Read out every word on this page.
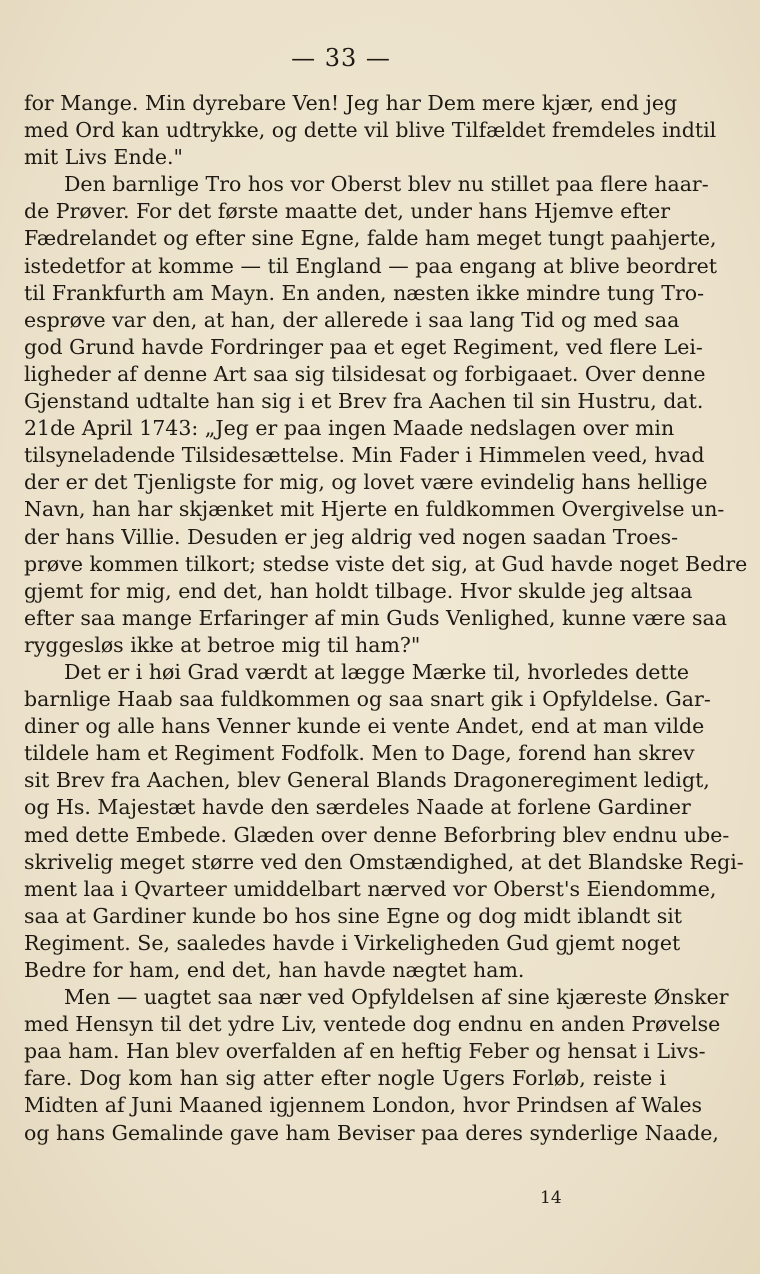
— 33 —
for Mange. Min dyrebare Ven! Jeg har Dem mere kjær, end jeg
med Ord kan udtrykke, og dette vil blive Tilfældet fremdeles indtil
mit Livs Ende."
Den barnlige Tro hos vor Oberst blev nu stillet paa flere haar-
de Prøver. For det første maatte det, under hans Hjemve efter
Fædrelandet og efter sine Egne, falde ham meget tungt paahjerte,
istedetfor at komme — til England — paa engang at blive beordret
til Frankfurth am Mayn. En anden, næsten ikke mindre tung Tro-
esprøve var den, at han, der allerede i saa lang Tid og med saa
god Grund havde Fordringer paa et eget Regiment, ved flere Lei-
ligheder af denne Art saa sig tilsidesat og forbigaaet. Over denne
Gjenstand udtalte han sig i et Brev fra Aachen til sin Hustru, dat.
21de April 1743: „Jeg er paa ingen Maade nedslagen over min
tilsyneladende Tilsidesættelse. Min Fader i Himmelen veed, hvad
der er det Tjenligste for mig, og lovet være evindelig hans hellige
Navn, han har skjænket mit Hjerte en fuldkommen Overgivelse un-
der hans Villie. Desuden er jeg aldrig ved nogen saadan Troes-
prøve kommen tilkort; stedse viste det sig, at Gud havde noget Bedre
gjemt for mig, end det, han holdt tilbage. Hvor skulde jeg altsaa
efter saa mange Erfaringer af min Guds Venlighed, kunne være saa
ryggesløs ikke at betroe mig til ham?"
Det er i høi Grad værdt at lægge Mærke til, hvorledes dette
barnlige Haab saa fuldkommen og saa snart gik i Opfyldelse. Gar-
diner og alle hans Venner kunde ei vente Andet, end at man vilde
tildele ham et Regiment Fodfolk. Men to Dage, forend han skrev
sit Brev fra Aachen, blev General Blands Dragoneregiment ledigt,
og Hs. Majestæt havde den særdeles Naade at forlene Gardiner
med dette Embede. Glæden over denne Beforbring blev endnu ube-
skrivelig meget større ved den Omstændighed, at det Blandske Regi-
ment laa i Qvarteer umiddelbart nærved vor Oberst's Eiendomme,
saa at Gardiner kunde bo hos sine Egne og dog midt iblandt sit
Regiment. Se, saaledes havde i Virkeligheden Gud gjemt noget
Bedre for ham, end det, han havde nægtet ham.
Men — uagtet saa nær ved Opfyldelsen af sine kjæreste Ønsker
med Hensyn til det ydre Liv, ventede dog endnu en anden Prøvelse
paa ham. Han blev overfalden af en heftig Feber og hensat i Livs-
fare. Dog kom han sig atter efter nogle Ugers Forløb, reiste i
Midten af Juni Maaned igjennem London, hvor Prindsen af Wales
og hans Gemalinde gave ham Beviser paa deres synderlige Naade,
14
